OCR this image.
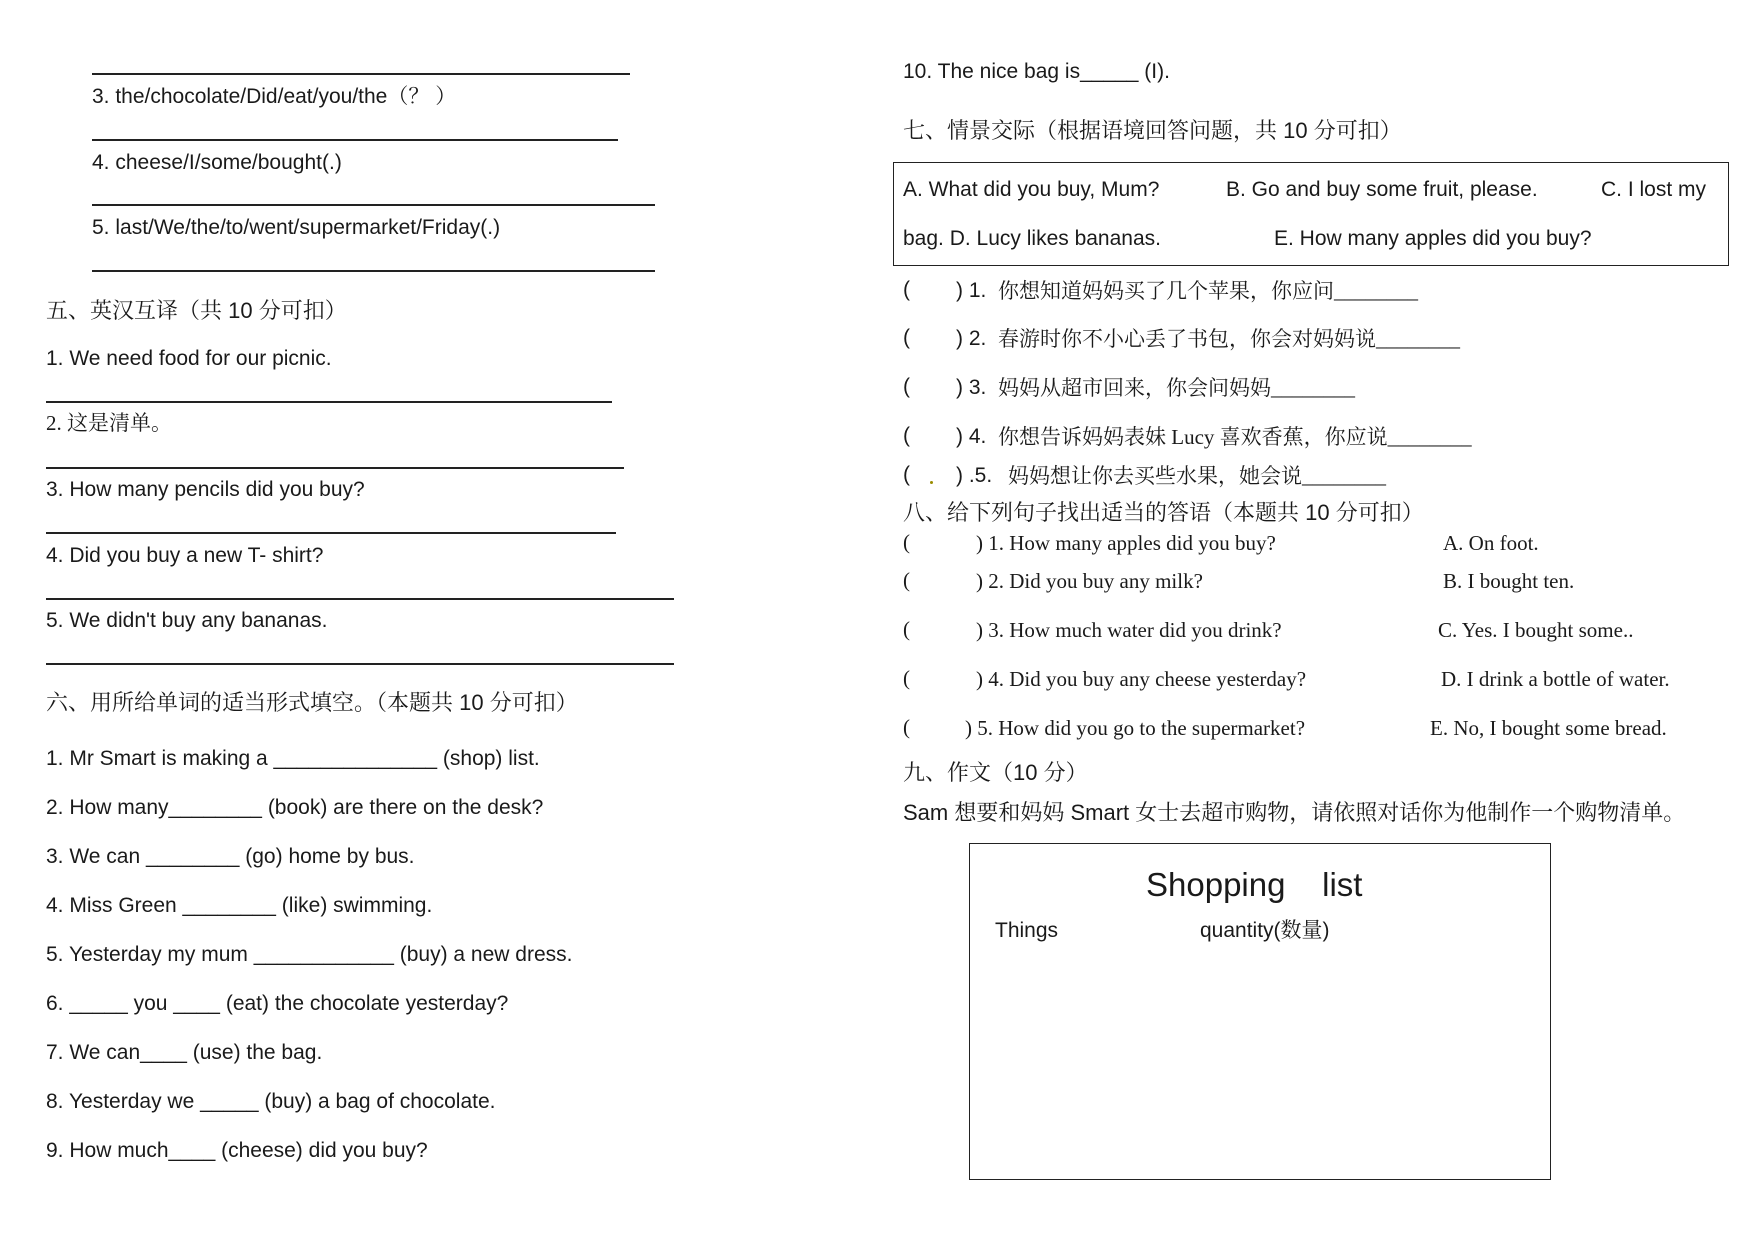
3. the/chocolate/Did/eat/you/the（？ ）
4. cheese/I/some/bought(.)
5. last/We/the/to/went/supermarket/Friday(.)
五、英汉互译（共 10 分可扣）
1. We need food for our picnic.
2. 这是清单。
3. How many pencils did you buy?
4. Did you buy a new T- shirt?
5. We didn't buy any bananas.
六、用所给单词的适当形式填空。（本题共 10 分可扣）
1. Mr Smart is making a ______________ (shop) list.
2. How many________ (book) are there on the desk?
3. We can ________ (go) home by bus.
4. Miss Green ________ (like) swimming.
5. Yesterday my mum ____________ (buy) a new dress.
6. _____ you ____ (eat) the chocolate yesterday?
7. We can____ (use) the bag.
8. Yesterday we _____ (buy) a bag of chocolate.
9. How much____ (cheese) did you buy?
10. The nice bag is_____ (I).
七、情景交际（根据语境回答问题，共 10 分可扣）
A. What did you buy, Mum?	B. Go and buy some fruit, please.	C. I lost my
bag. D. Lucy likes bananas.	E. How many apples did you buy?
( ) 1. 你想知道妈妈买了几个苹果，你应问________
( ) 2. 春游时你不小心丢了书包，你会对妈妈说________
( ) 3. 妈妈从超市回来，你会问妈妈________
( ) 4. 你想告诉妈妈表妹 Lucy 喜欢香蕉，你应说________
( ) .5. 妈妈想让你去买些水果，她会说________
八、给下列句子找出适当的答语（本题共 10 分可扣）
(	) 1. How many apples did you buy?	A. On foot.
(	) 2. Did you buy any milk?	B. I bought ten.
(	) 3. How much water did you drink?	C. Yes. I bought some..
(	) 4. Did you buy any cheese yesterday?	D. I drink a bottle of water.
(	) 5. How did you go to the supermarket?	E. No, I bought some bread.
九、作文（10 分）
Sam 想要和妈妈 Smart 女士去超市购物，请依照对话你为他制作一个购物清单。
Shopping    list
Things	quantity(数量)
